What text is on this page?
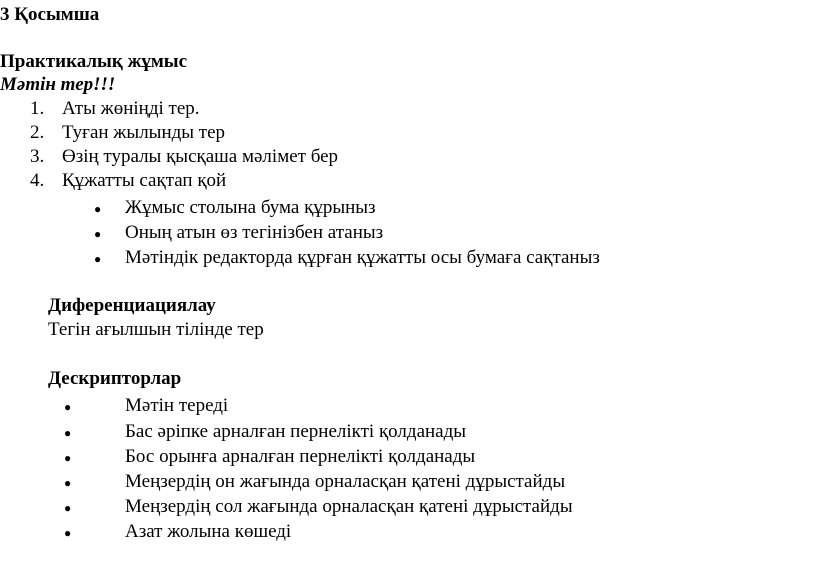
3 Қосымша
Практикалық жұмыс
Мәтін тер!!!
1. Аты жөніңді тер.
2. Туған жылынды тер
3. Өзің туралы қысқаша мәлімет бер
4. Құжатты сақтап қой
● Жұмыс столына бума құрыныз
● Оның атын өз тегінізбен атаныз
● Мәтіндік редакторда құрған құжатты осы бумаға сақтаныз
Диференциациялау
Тегін ағылшын тілінде тер
Дескрипторлар
●	Мәтін тереді
●	Бас әріпке арналған пернелікті қолданады
●	Бос орынға арналған пернелікті қолданады
●	Меңзердің он жағында орналасқан қатені дұрыстайды
●	Меңзердің сол жағында орналасқан қатені дұрыстайды
●	Азат жолына көшеді
